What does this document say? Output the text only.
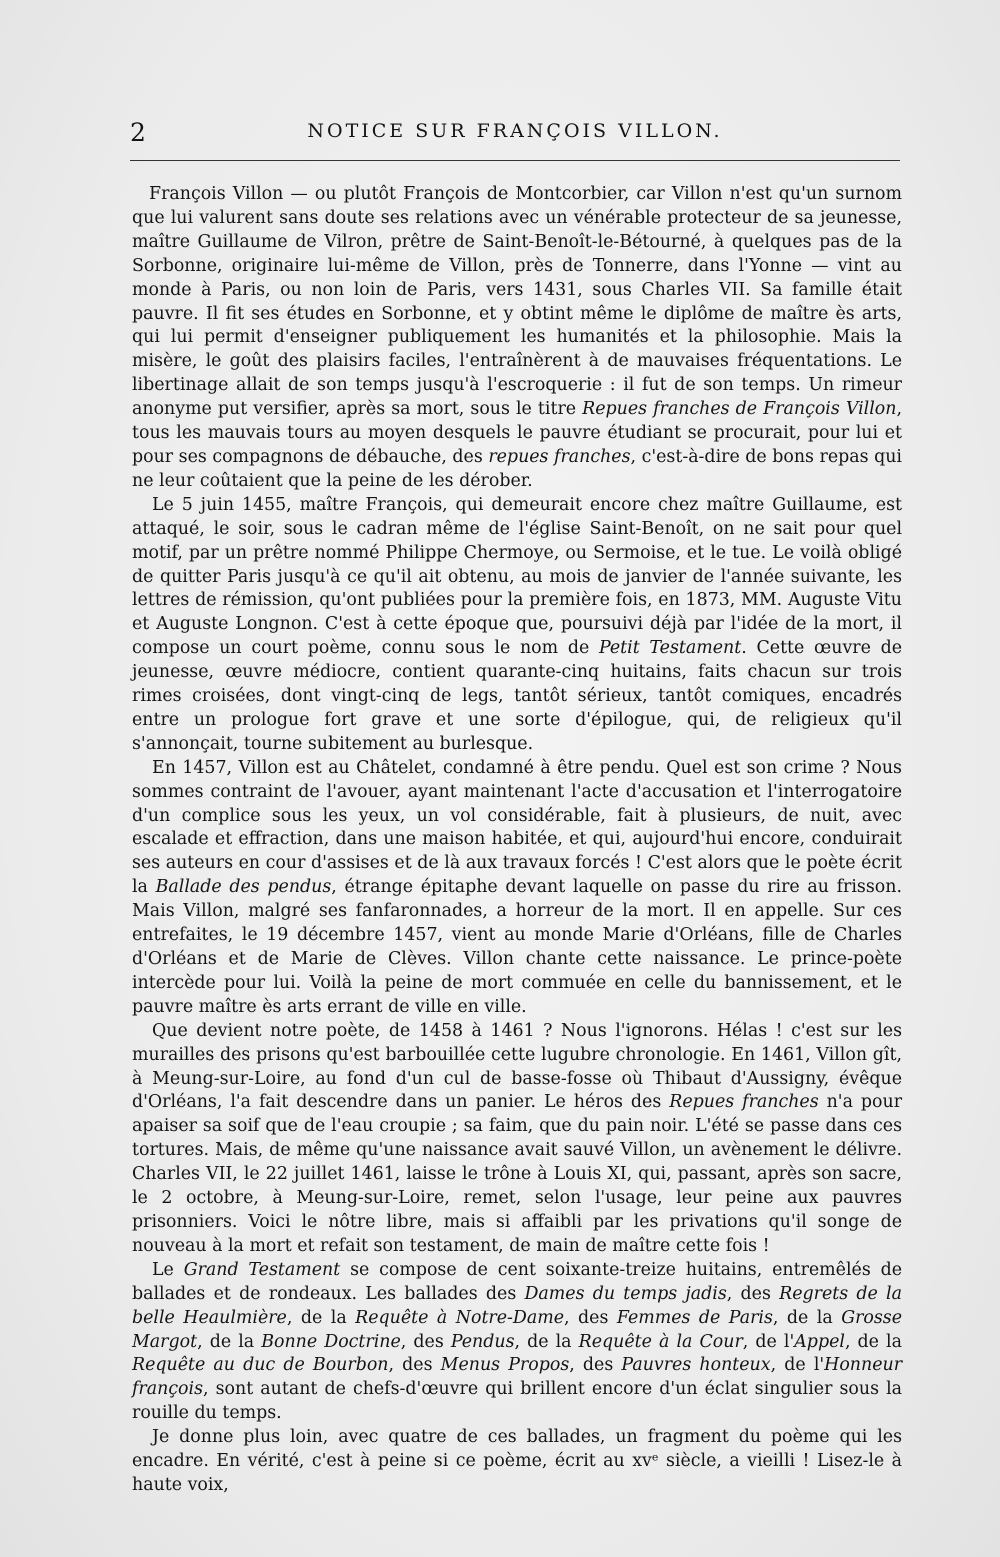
2	NOTICE SUR FRANÇOIS VILLON.

François Villon — ou plutôt François de Montcorbier, car Villon n'est qu'un surnom que lui valurent sans doute ses relations avec un vénérable protecteur de sa jeunesse, maître Guillaume de Vilron, prêtre de Saint-Benoît-le-Bétourné, à quelques pas de la Sorbonne, originaire lui-même de Villon, près de Tonnerre, dans l'Yonne — vint au monde à Paris, ou non loin de Paris, vers 1431, sous Charles VII. Sa famille était pauvre. Il fit ses études en Sorbonne, et y obtint même le diplôme de maître ès arts, qui lui permit d'enseigner publiquement les humanités et la philosophie. Mais la misère, le goût des plaisirs faciles, l'entraînèrent à de mauvaises fréquentations. Le libertinage allait de son temps jusqu'à l'escroquerie : il fut de son temps. Un rimeur anonyme put versifier, après sa mort, sous le titre Repues franches de François Villon, tous les mauvais tours au moyen desquels le pauvre étudiant se procurait, pour lui et pour ses compagnons de débauche, des repues franches, c'est-à-dire de bons repas qui ne leur coûtaient que la peine de les dérober.

Le 5 juin 1455, maître François, qui demeurait encore chez maître Guillaume, est attaqué, le soir, sous le cadran même de l'église Saint-Benoît, on ne sait pour quel motif, par un prêtre nommé Philippe Chermoye, ou Sermoise, et le tue. Le voilà obligé de quitter Paris jusqu'à ce qu'il ait obtenu, au mois de janvier de l'année suivante, les lettres de rémission, qu'ont publiées pour la première fois, en 1873, MM. Auguste Vitu et Auguste Longnon. C'est à cette époque que, poursuivi déjà par l'idée de la mort, il compose un court poème, connu sous le nom de Petit Testament. Cette œuvre de jeunesse, œuvre médiocre, contient quarante-cinq huitains, faits chacun sur trois rimes croisées, dont vingt-cinq de legs, tantôt sérieux, tantôt comiques, encadrés entre un prologue fort grave et une sorte d'épilogue, qui, de religieux qu'il s'annonçait, tourne subitement au burlesque.

En 1457, Villon est au Châtelet, condamné à être pendu. Quel est son crime ? Nous sommes contraint de l'avouer, ayant maintenant l'acte d'accusation et l'interrogatoire d'un complice sous les yeux, un vol considérable, fait à plusieurs, de nuit, avec escalade et effraction, dans une maison habitée, et qui, aujourd'hui encore, conduirait ses auteurs en cour d'assises et de là aux travaux forcés ! C'est alors que le poète écrit la Ballade des pendus, étrange épitaphe devant laquelle on passe du rire au frisson. Mais Villon, malgré ses fanfaronnades, a horreur de la mort. Il en appelle. Sur ces entrefaites, le 19 décembre 1457, vient au monde Marie d'Orléans, fille de Charles d'Orléans et de Marie de Clèves. Villon chante cette naissance. Le prince-poète intercède pour lui. Voilà la peine de mort commuée en celle du bannissement, et le pauvre maître ès arts errant de ville en ville.

Que devient notre poète, de 1458 à 1461 ? Nous l'ignorons. Hélas ! c'est sur les murailles des prisons qu'est barbouillée cette lugubre chronologie. En 1461, Villon gît, à Meung-sur-Loire, au fond d'un cul de basse-fosse où Thibaut d'Aussigny, évêque d'Orléans, l'a fait descendre dans un panier. Le héros des Repues franches n'a pour apaiser sa soif que de l'eau croupie ; sa faim, que du pain noir. L'été se passe dans ces tortures. Mais, de même qu'une naissance avait sauvé Villon, un avènement le délivre. Charles VII, le 22 juillet 1461, laisse le trône à Louis XI, qui, passant, après son sacre, le 2 octobre, à Meung-sur-Loire, remet, selon l'usage, leur peine aux pauvres prisonniers. Voici le nôtre libre, mais si affaibli par les privations qu'il songe de nouveau à la mort et refait son testament, de main de maître cette fois !

Le Grand Testament se compose de cent soixante-treize huitains, entremêlés de ballades et de rondeaux. Les ballades des Dames du temps jadis, des Regrets de la belle Heaulmière, de la Requête à Notre-Dame, des Femmes de Paris, de la Grosse Margot, de la Bonne Doctrine, des Pendus, de la Requête à la Cour, de l'Appel, de la Requête au duc de Bourbon, des Menus Propos, des Pauvres honteux, de l'Honneur françois, sont autant de chefs-d'œuvre qui brillent encore d'un éclat singulier sous la rouille du temps.

Je donne plus loin, avec quatre de ces ballades, un fragment du poème qui les encadre. En vérité, c'est à peine si ce poème, écrit au xvᵉ siècle, a vieilli ! Lisez-le à haute voix,
